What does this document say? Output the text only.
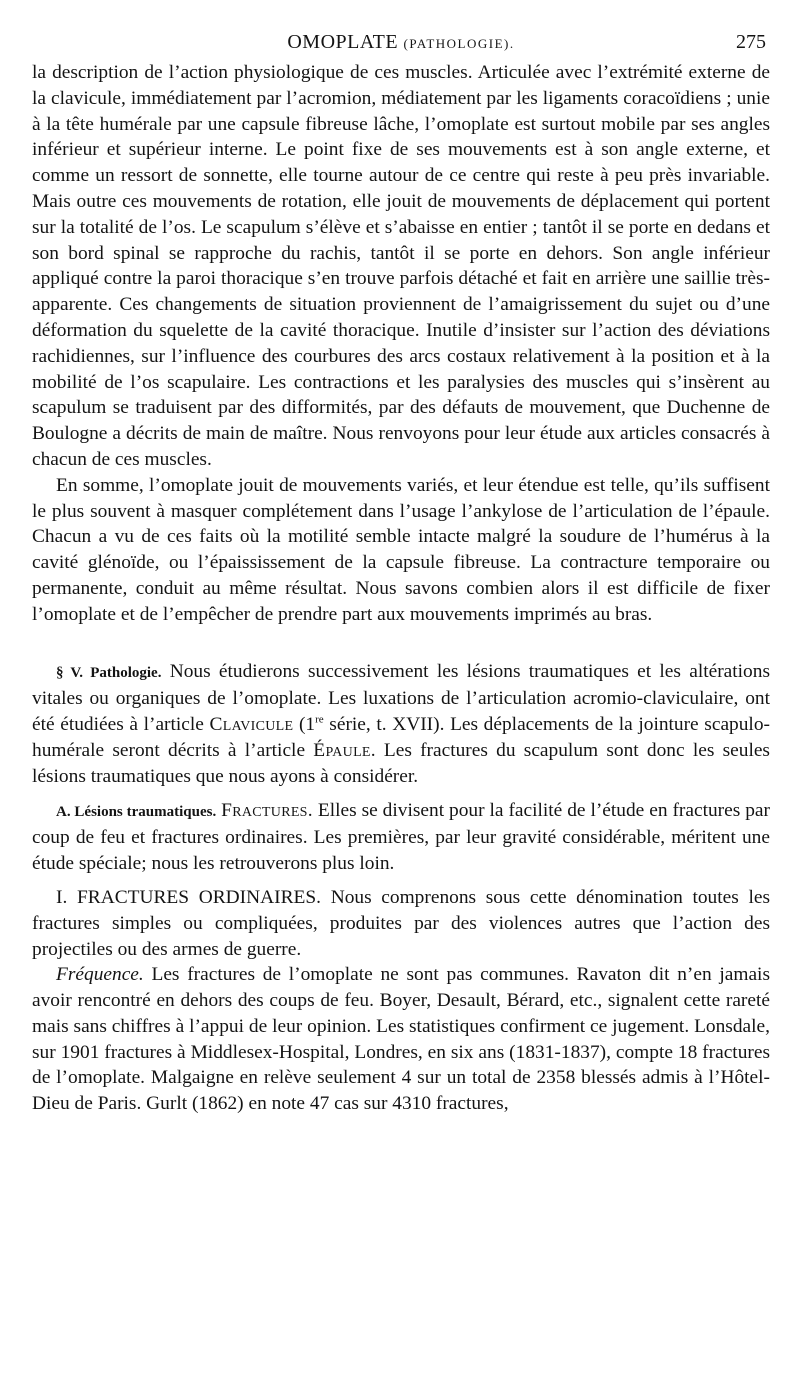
OMOPLATE (PATHOLOGIE).	275

la description de l’action physiologique de ces muscles. Articulée avec l’extrémité externe de la clavicule, immédiatement par l’acromion, médiatement par les ligaments coracoïdiens ; unie à la tête humérale par une capsule fibreuse lâche, l’omoplate est surtout mobile par ses angles inférieur et supérieur interne. Le point fixe de ses mouvements est à son angle externe, et comme un ressort de sonnette, elle tourne autour de ce centre qui reste à peu près invariable. Mais outre ces mouvements de rotation, elle jouit de mouvements de déplacement qui portent sur la totalité de l’os. Le scapulum s’élève et s’abaisse en entier ; tantôt il se porte en dedans et son bord spinal se rapproche du rachis, tantôt il se porte en dehors. Son angle inférieur appliqué contre la paroi thoracique s’en trouve parfois détaché et fait en arrière une saillie très-apparente. Ces changements de situation proviennent de l’amaigrissement du sujet ou d’une déformation du squelette de la cavité thoracique. Inutile d’insister sur l’action des déviations rachidiennes, sur l’influence des courbures des arcs costaux relativement à la position et à la mobilité de l’os scapulaire. Les contractions et les paralysies des muscles qui s’insèrent au scapulum se traduisent par des difformités, par des défauts de mouvement, que Duchenne de Boulogne a décrits de main de maître. Nous renvoyons pour leur étude aux articles consacrés à chacun de ces muscles.

En somme, l’omoplate jouit de mouvements variés, et leur étendue est telle, qu’ils suffisent le plus souvent à masquer complétement dans l’usage l’ankylose de l’articulation de l’épaule. Chacun a vu de ces faits où la motilité semble intacte malgré la soudure de l’humérus à la cavité glénoïde, ou l’épaississement de la capsule fibreuse. La contracture temporaire ou permanente, conduit au même résultat. Nous savons combien alors il est difficile de fixer l’omoplate et de l’empêcher de prendre part aux mouvements imprimés au bras.

§ V. Pathologie. Nous étudierons successivement les lésions traumatiques et les altérations vitales ou organiques de l’omoplate. Les luxations de l’articulation acromio-claviculaire, ont été étudiées à l’article Clavicule (1re série, t. XVII). Les déplacements de la jointure scapulo-humérale seront décrits à l’article Épaule. Les fractures du scapulum sont donc les seules lésions traumatiques que nous ayons à considérer.

A. Lésions traumatiques. Fractures. Elles se divisent pour la facilité de l’étude en fractures par coup de feu et fractures ordinaires. Les premières, par leur gravité considérable, méritent une étude spéciale; nous les retrouverons plus loin.

I. FRACTURES ORDINAIRES. Nous comprenons sous cette dénomination toutes les fractures simples ou compliquées, produites par des violences autres que l’action des projectiles ou des armes de guerre.

Fréquence. Les fractures de l’omoplate ne sont pas communes. Ravaton dit n’en jamais avoir rencontré en dehors des coups de feu. Boyer, Desault, Bérard, etc., signalent cette rareté mais sans chiffres à l’appui de leur opinion. Les statistiques confirment ce jugement. Lonsdale, sur 1901 fractures à Middlesex-Hospital, Londres, en six ans (1831-1837), compte 18 fractures de l’omoplate. Malgaigne en relève seulement 4 sur un total de 2358 blessés admis à l’Hôtel-Dieu de Paris. Gurlt (1862) en note 47 cas sur 4310 fractures,
